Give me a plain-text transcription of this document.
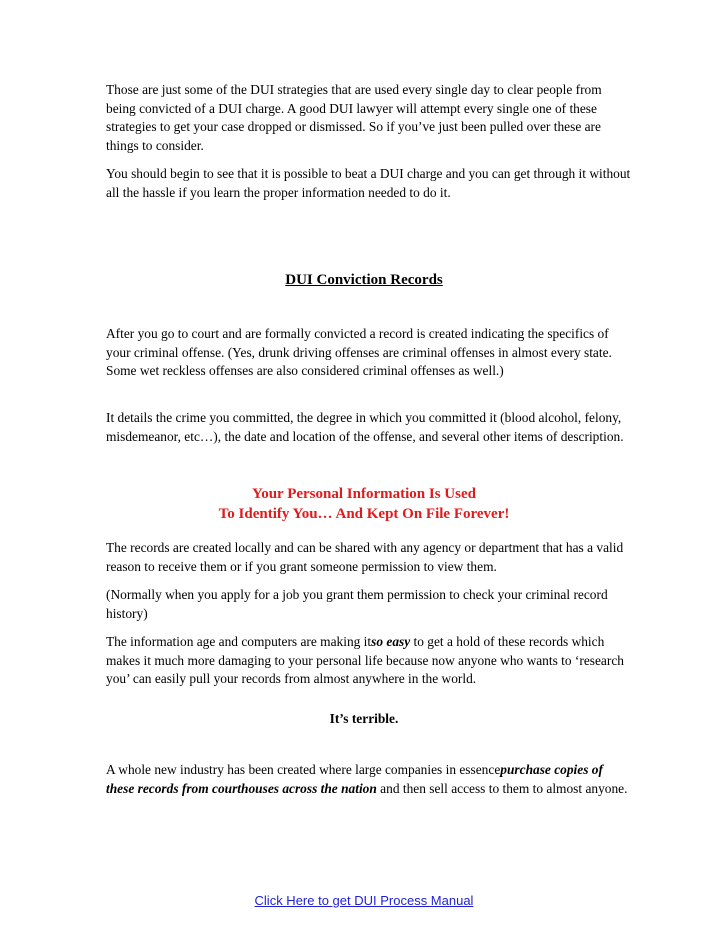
Those are just some of the DUI strategies that are used every single day to clear people from being convicted of a DUI charge. A good DUI lawyer will attempt every single one of these strategies to get your case dropped or dismissed. So if you’ve just been pulled over these are things to consider.

You should begin to see that it is possible to beat a DUI charge and you can get through it without all the hassle if you learn the proper information needed to do it.

DUI Conviction Records

After you go to court and are formally convicted a record is created indicating the specifics of your criminal offense. (Yes, drunk driving offenses are criminal offenses in almost every state. Some wet reckless offenses are also considered criminal offenses as well.)

It details the crime you committed, the degree in which you committed it (blood alcohol, felony, misdemeanor, etc…), the date and location of the offense, and several other items of description.

Your Personal Information Is Used
To Identify You… And Kept On File Forever!

The records are created locally and can be shared with any agency or department that has a valid reason to receive them or if you grant someone permission to view them.

(Normally when you apply for a job you grant them permission to check your criminal record history)

The information age and computers are making itso easy to get a hold of these records which makes it much more damaging to your personal life because now anyone who wants to ‘research you’ can easily pull your records from almost anywhere in the world.

It’s terrible.

A whole new industry has been created where large companies in essencepurchase copies of these records from courthouses across the nation and then sell access to them to almost anyone.

Click Here to get DUI Process Manual
